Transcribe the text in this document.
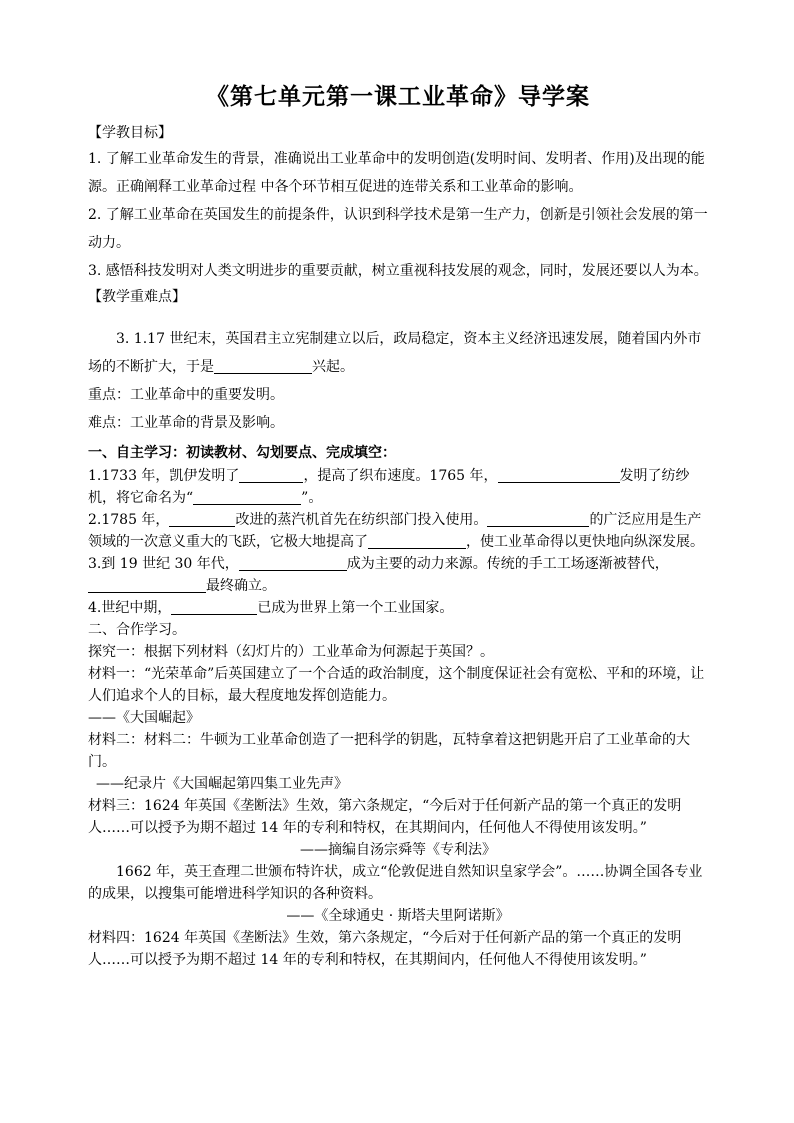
《第七单元第一课工业革命》导学案

【学教目标】

1. 了解工业革命发生的背景，准确说出工业革命中的发明创造(发明时间、发明者、作用)及出现的能源。正确阐释工业革命过程 中各个环节相互促进的连带关系和工业革命的影响。

2. 了解工业革命在英国发生的前提条件，认识到科学技术是第一生产力，创新是引领社会发展的第一动力。

3. 感悟科技发明对人类文明进步的重要贡献，树立重视科技发展的观念，同时，发展还要以人为本。

【教学重难点】

3. 1.17 世纪末，英国君主立宪制建立以后，政局稳定，资本主义经济迅速发展，随着国内外市场的不断扩大，于是	兴起。

重点：工业革命中的重要发明。

难点：工业革命的背景及影响。

一、自主学习：初读教材、勾划要点、完成填空：

1.1733 年，凯伊发明了	，提高了织布速度。1765 年，	发明了纺纱机，将它命名为“	”。

2.1785 年，	改进的蒸汽机首先在纺织部门投入使用。	的广泛应用是生产领域的一次意义重大的飞跃，它极大地提高了	，使工业革命得以更快地向纵深发展。

3.到 19 世纪 30 年代，	成为主要的动力来源。传统的手工工场逐渐被替代，最终确立。

4.世纪中期，	已成为世界上第一个工业国家。

二、合作学习。

探究一：根据下列材料（幻灯片的）工业革命为何源起于英国？。

材料一：“光荣革命”后英国建立了一个合适的政治制度，这个制度保证社会有宽松、平和的环境，让人们追求个人的目标，最大程度地发挥创造能力。

——《大国崛起》

材料二：材料二：牛顿为工业革命创造了一把科学的钥匙，瓦特拿着这把钥匙开启了工业革命的大门。

——纪录片《大国崛起第四集工业先声》

材料三：1624 年英国《垄断法》生效，第六条规定，“今后对于任何新产品的第一个真正的发明人……可以授予为期不超过 14 年的专利和特权，在其期间内，任何他人不得使用该发明。”

——摘编自汤宗舜等《专利法》

1662 年，英王查理二世颁布特许状，成立“伦敦促进自然知识皇家学会”。……协调全国各专业的成果，以搜集可能增进科学知识的各种资料。

——《全球通史 · 斯塔夫里阿诺斯》

材料四：1624 年英国《垄断法》生效，第六条规定，“今后对于任何新产品的第一个真正的发明人……可以授予为期不超过 14 年的专利和特权，在其期间内，任何他人不得使用该发明。”
